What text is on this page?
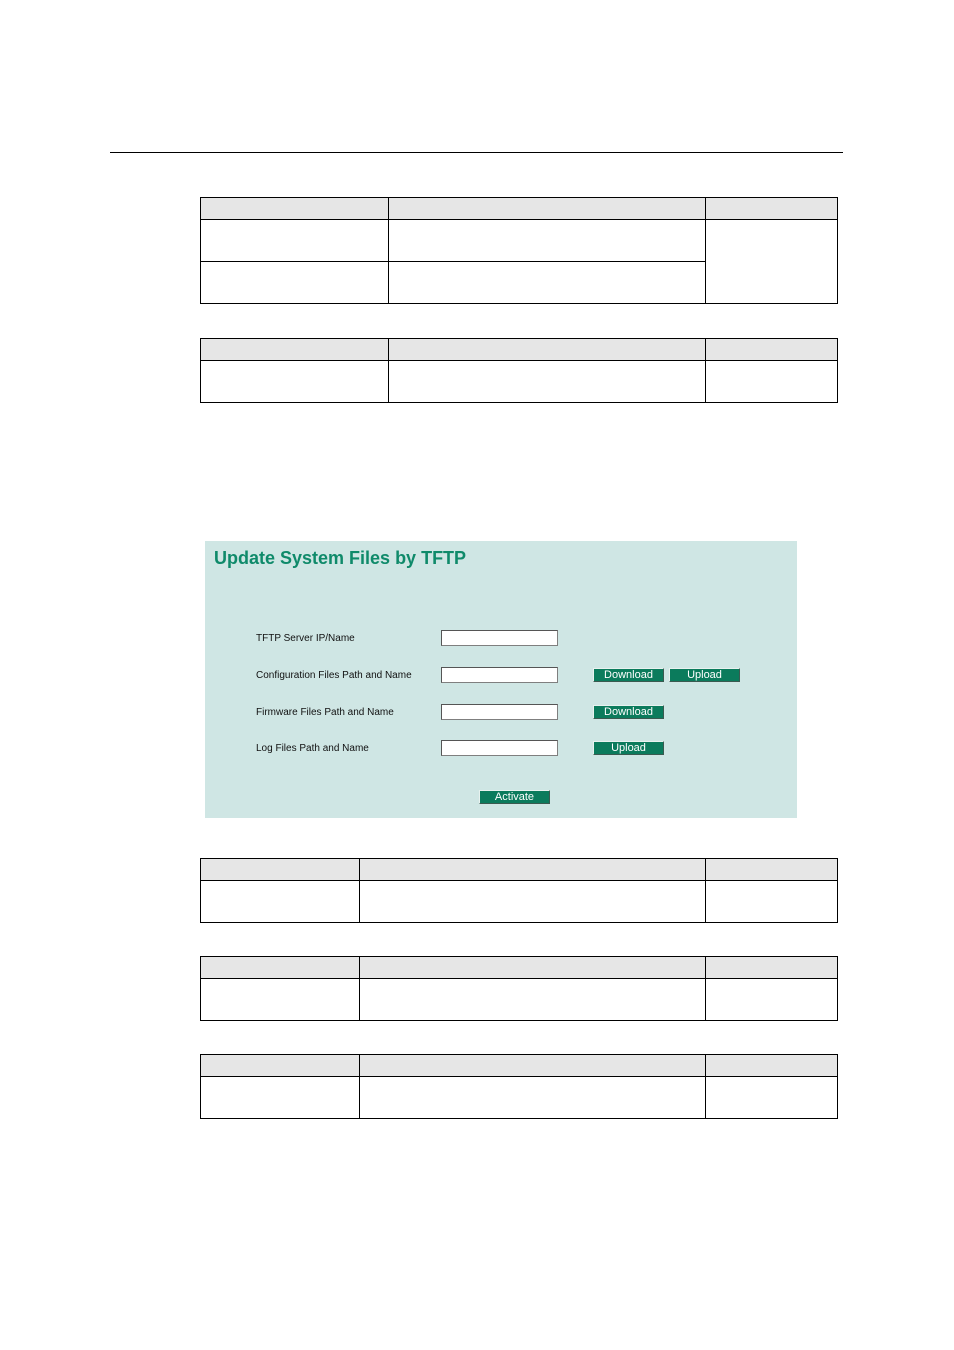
Update System Files by TFTP
TFTP Server IP/Name
Configuration Files Path and Name	Download	Upload
Firmware Files Path and Name	Download
Log Files Path and Name	Upload
Activate
